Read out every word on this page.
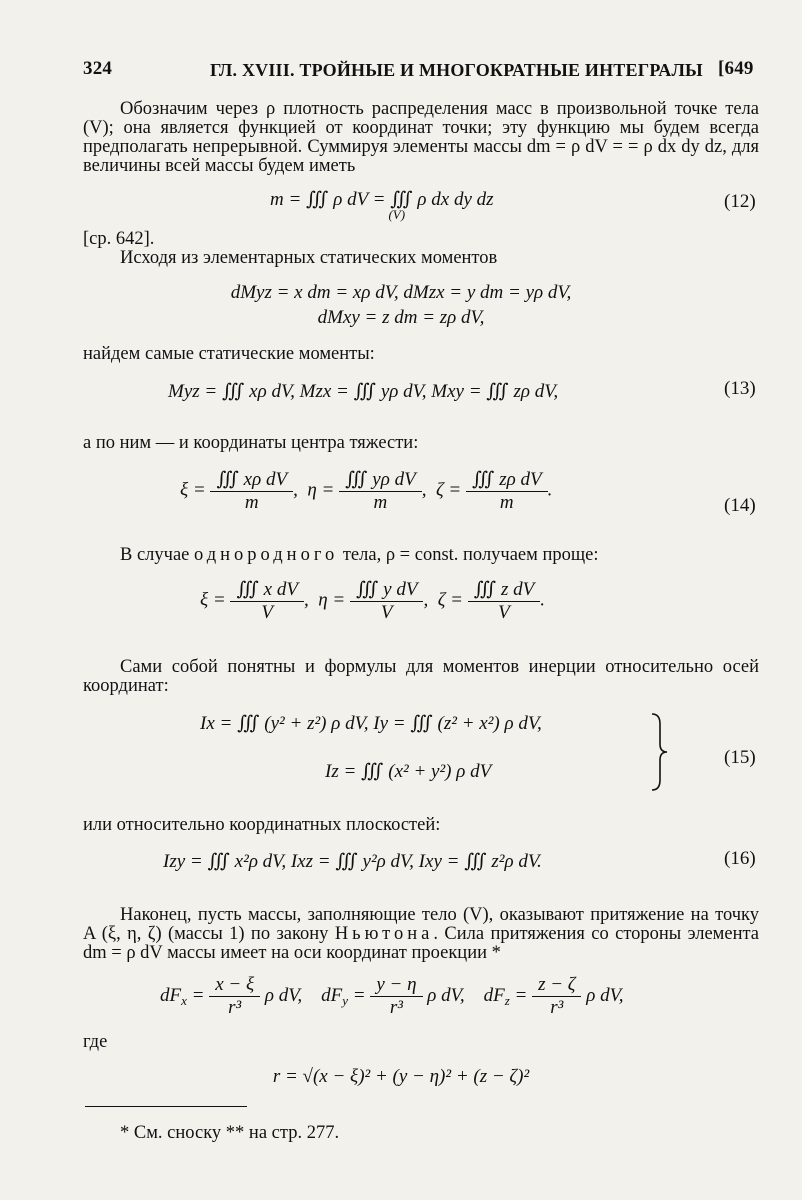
324	ГЛ. XVIII. ТРОЙНЫЕ И МНОГОКРАТНЫЕ ИНТЕГРАЛЫ [649
Обозначим через ρ плотность распределения масс в произвольной точке тела (V); она является функцией от координат точки; эту функцию мы будем всегда предполагать непрерывной. Суммируя элементы массы dm = ρ dV = = ρ dx dy dz, для величины всей массы будем иметь
m = ∭ ρ dV = ∭ ρ dx dy dz
(V)
(12)
[ср. 642].
Исходя из элементарных статических моментов
dMyz = x dm = xρ dV, dMzx = y dm = yρ dV,
dMxy = z dm = zρ dV,
найдем самые статические моменты:
Myz = ∭ xρ dV, Mzx = ∭ yρ dV, Mxy = ∭ zρ dV,	(13)
а по ним — и координаты центра тяжести:
$\xi = \frac{\text{∭ xρ dV}}{m}$ ,  $\eta = \frac{\text{∭ yρ dV}}{m}$ ,  $\zeta = \frac{\text{∭ zρ dV}}{m}$ .
(14)
В случае однородного тела, ρ = const. получаем проще:
$\xi = \frac{\text{∭ x dV}}{V}$ ,  $\eta = \frac{\text{∭ y dV}}{V}$ ,  $\zeta = \frac{\text{∭ z dV}}{V}$ .
Сами собой понятны и формулы для моментов инерции относительно осей координат:
Ix = ∭ (y² + z²) ρ dV, Iy = ∭ (z² + x²) ρ dV,
Iz = ∭ (x² + y²) ρ dV
(15)
или относительно координатных плоскостей:
Izy = ∭ x²ρ dV, Ixz = ∭ y²ρ dV, Ixy = ∭ z²ρ dV.	(16)
Наконец, пусть массы, заполняющие тело (V), оказывают притяжение на точку A (ξ, η, ζ) (массы 1) по закону Ньютона. Сила притяжения со стороны элемента dm = ρ dV массы имеет на оси координат проекции *
$dF_x = \frac{x - \xi}{\text{r³}}$ ρ dV,    $dF_y = \frac{y - \eta}{\text{r³}}$ ρ dV,    $dF_z = \frac{z - \zeta}{\text{r³}}$ ρ dV,
где
r = √(x − ξ)² + (y − η)² + (z − ζ)²
* См. сноску ** на стр. 277.
